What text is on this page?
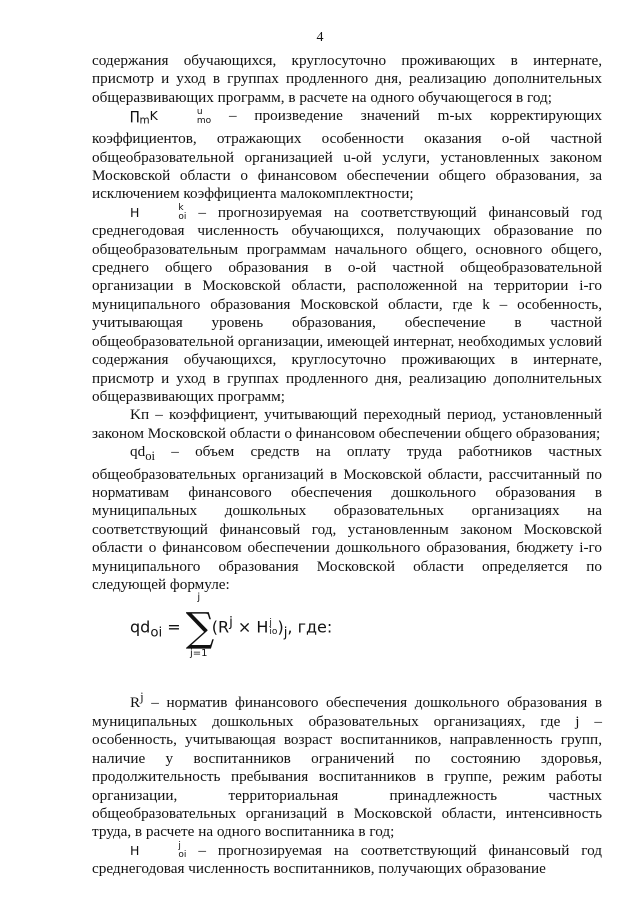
4

содержания обучающихся, круглосуточно проживающих в интернате, присмотр и уход в группах продленного дня, реализацию дополнительных общеразвивающих программ, в расчете на одного обучающегося в год;

$\prod_mK$	u
mo – произведение значений m-ых корректирующих коэффициентов, отражающих особенности оказания o-ой частной общеобразовательной организацией u-ой услуги, установленных законом Московской области о финансовом обеспечении общего образования, за исключением коэффициента малокомплектности;

H	k
oi – прогнозируемая на соответствующий финансовый год среднегодовая численность обучающихся, получающих образование по общеобразовательным программам начального общего, основного общего, среднего общего образования в o-ой частной общеобразовательной организации в Московской области, расположенной на территории i-го муниципального образования Московской области, где k – особенность, учитывающая уровень образования, обеспечение в частной общеобразовательной организации, имеющей интернат, необходимых условий содержания обучающихся, круглосуточно проживающих в интернате, присмотр и уход в группах продленного дня, реализацию дополнительных общеразвивающих программ;

Kп – коэффициент, учитывающий переходный период, установленный законом Московской области о финансовом обеспечении общего образования;

$qd_{oi}$ – объем средств на оплату труда работников частных общеобразовательных организаций в Московской области, рассчитанный по нормативам финансового обеспечения дошкольного образования в муниципальных дошкольных образовательных организациях на соответствующий финансовый год, установленным законом Московской области о финансовом обеспечении дошкольного образования, бюджету i-го муниципального образования Московской области определяется по следующей формуле:

$qd_{oi}$ =
j
∑
j=1
($R^j \times H$ j
io )$_j$, где:

$R^j$ – норматив финансового обеспечения дошкольного образования в муниципальных дошкольных образовательных организациях, где j – особенность, учитывающая возраст воспитанников, направленность групп, наличие у воспитанников ограничений по состоянию здоровья, продолжительность пребывания воспитанников в группе, режим работы организации, территориальная принадлежность частных общеобразовательных организаций в Московской области, интенсивность труда, в расчете на одного воспитанника в год;

H	j
oi – прогнозируемая на соответствующий финансовый год среднегодовая численность воспитанников, получающих образование
